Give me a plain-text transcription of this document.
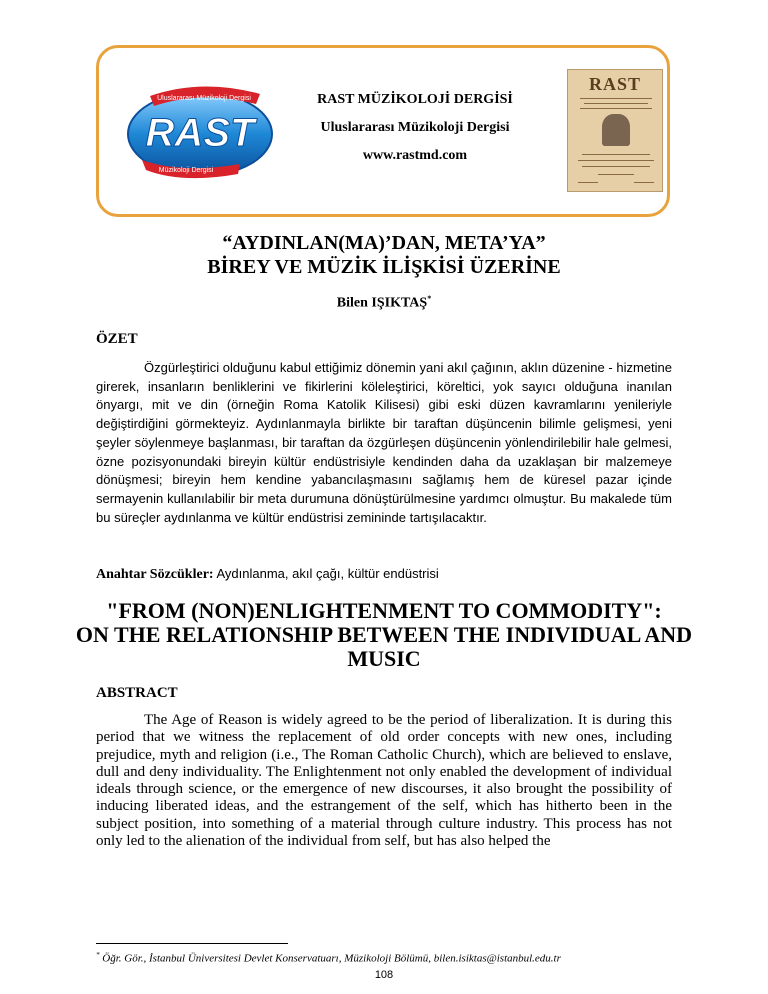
Uluslararası Müzikoloji Dergisi
RAST
Müzikoloji Dergisi
RAST MÜZİKOLOJİ DERGİSİ
Uluslararası Müzikoloji Dergisi
www.rastmd.com
RAST
“AYDINLAN(MA)’DAN, META’YA”
BİREY VE MÜZİK İLİŞKİSİ ÜZERİNE
Bilen IŞIKTAŞ*
ÖZET
Özgürleştirici olduğunu kabul ettiğimiz dönemin yani akıl çağının, aklın düzenine - hizmetine girerek, insanların benliklerini ve fikirlerini köleleştirici, köreltici, yok sayıcı olduğuna inanılan önyargı, mit ve din (örneğin Roma Katolik Kilisesi) gibi eski düzen kavramlarını yenileriyle değiştirdiğini görmekteyiz. Aydınlanmayla birlikte bir taraftan düşüncenin bilimle gelişmesi, yeni şeyler söylenmeye başlanması, bir taraftan da özgürleşen düşüncenin yönlendirilebilir hale gelmesi, özne pozisyonundaki bireyin kültür endüstrisiyle kendinden daha da uzaklaşan bir malzemeye dönüşmesi; bireyin hem kendine yabancılaşmasını sağlamış hem de küresel pazar içinde sermayenin kullanılabilir bir meta durumuna dönüştürülmesine yardımcı olmuştur. Bu makalede tüm bu süreçler aydınlanma ve kültür endüstrisi zemininde tartışılacaktır.
Anahtar Sözcükler: Aydınlanma, akıl çağı, kültür endüstrisi
"FROM (NON)ENLIGHTENMENT TO COMMODITY":
ON THE RELATIONSHIP BETWEEN THE INDIVIDUAL AND
MUSIC
ABSTRACT
The Age of Reason is widely agreed to be the period of liberalization. It is during this period that we witness the replacement of old order concepts with new ones, including prejudice, myth and religion (i.e., The Roman Catholic Church), which are believed to enslave, dull and deny individuality. The Enlightenment not only enabled the development of individual ideals through science, or the emergence of new discourses, it also brought the possibility of inducing liberated ideas, and the estrangement of the self, which has hitherto been in the subject position, into something of a material through culture industry. This process has not only led to the alienation of the individual from self, but has also helped the
* Öğr. Gör., İstanbul Üniversitesi Devlet Konservatuarı, Müzikoloji Bölümü, bilen.isiktas@istanbul.edu.tr
108
